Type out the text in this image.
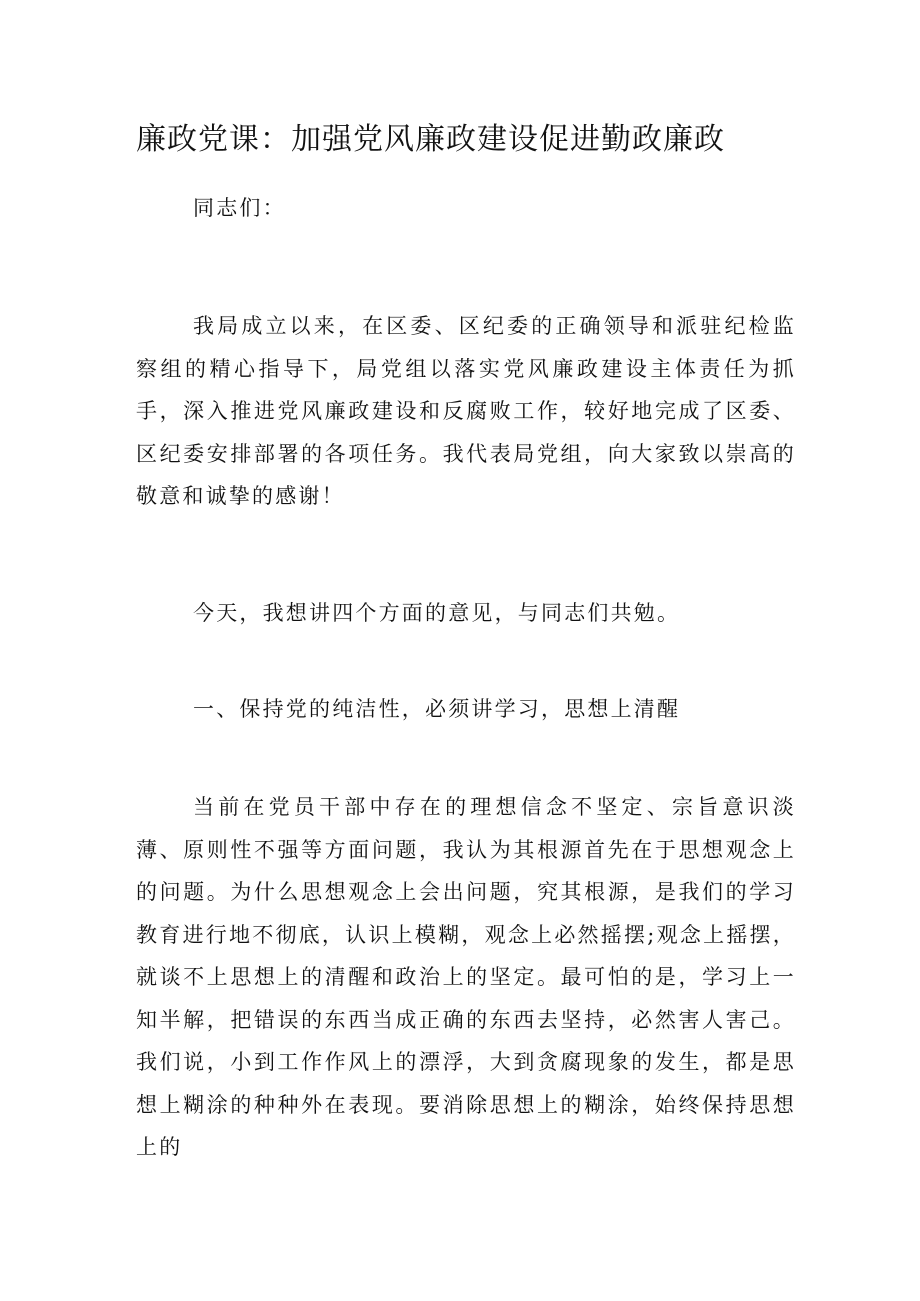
廉政党课：加强党风廉政建设促进勤政廉政

同志们：

我局成立以来，在区委、区纪委的正确领导和派驻纪检监察组的精心指导下，局党组以落实党风廉政建设主体责任为抓手，深入推进党风廉政建设和反腐败工作，较好地完成了区委、区纪委安排部署的各项任务。我代表局党组，向大家致以崇高的敬意和诚挚的感谢！

今天，我想讲四个方面的意见，与同志们共勉。

一、保持党的纯洁性，必须讲学习，思想上清醒

当前在党员干部中存在的理想信念不坚定、宗旨意识淡薄、原则性不强等方面问题，我认为其根源首先在于思想观念上的问题。为什么思想观念上会出问题，究其根源，是我们的学习教育进行地不彻底，认识上模糊，观念上必然摇摆;观念上摇摆，就谈不上思想上的清醒和政治上的坚定。最可怕的是，学习上一知半解，把错误的东西当成正确的东西去坚持，必然害人害己。我们说，小到工作作风上的漂浮，大到贪腐现象的发生，都是思想上糊涂的种种外在表现。要消除思想上的糊涂，始终保持思想上的
